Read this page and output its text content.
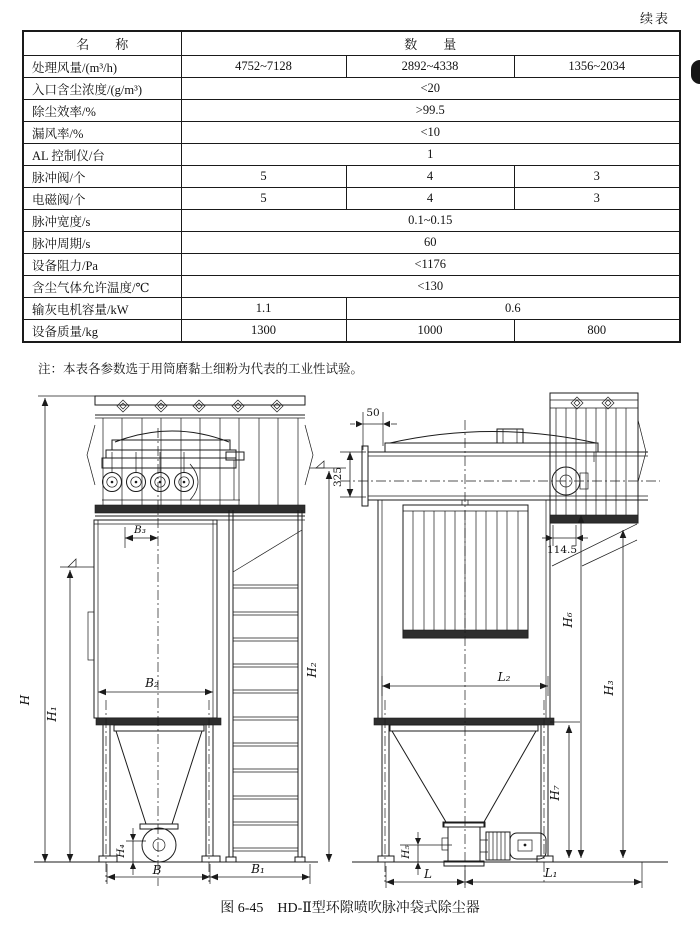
续表
名　　称	数　　量		
处理风量/(m³/h)	4752~7128	2892~4338	1356~2034
入口含尘浓度/(g/m³)	<20		
除尘效率/%	>99.5		
漏风率/%	<10		
AL 控制仪/台	1		
脉冲阀/个	5	4	3
电磁阀/个	5	4	3
脉冲宽度/s	0.1~0.15		
脉冲周期/s	60		
设备阻力/Pa	<1176		
含尘气体允许温度/℃	<130		
输灰电机容量/kW	1.1	0.6	
设备质量/kg	1300	1000	800
注：本表各参数选于用筒磨黏土细粉为代表的工业性试验。
H
H₁
B₃
B₂
H₄
B	B₁
50
325
H₂
114.5
L₂
H₅
H₇
H₆
H₃
L	L₁
图 6-45　HD-Ⅱ型环隙喷吹脉冲袋式除尘器
